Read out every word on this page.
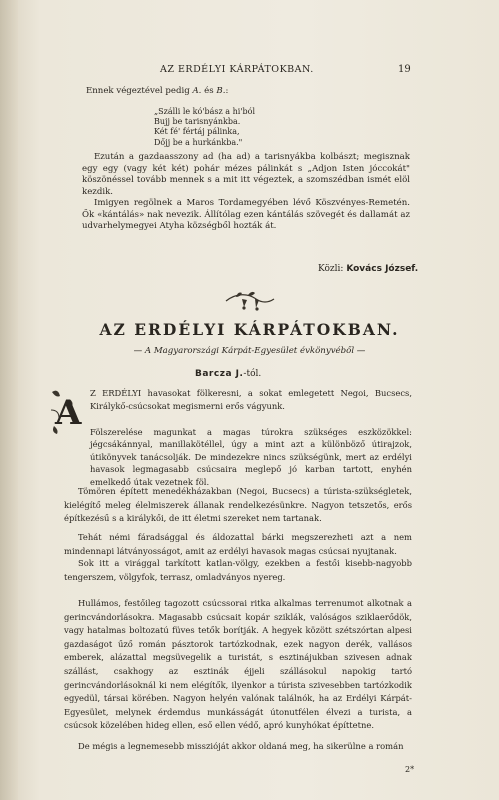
AZ ERDÉLYI KÁRPÁTOKBAN.	19

Ennek végeztével pedig A. és B.:

„Szálli le kó'bász a hi'ból
Bujj be tarisnyánkba.
Két fé' fértáj pálinka,
Dőjj be a hurkánkba."

Ezután a gazdaasszony ad (ha ad) a tarisnyákba kolbászt; megisznak egy egy (vagy két két) pohár mézes pálinkát s „Adjon Isten jóccokát" köszönéssel tovább mennek s a mit itt végeztek, a szomszédban ismét elöl kezdik.

Imigyen regölnek a Maros Tordamegyében lévő Köszvényes-Remetén. Ők «kántálás» nak nevezik. Állítólag ezen kántálás szövegét és dallamát az udvarhelymegyei Atyha községből hozták át.

Közli: Kovács József.
AZ ERDÉLYI KÁRPÁTOKBAN.
— A Magyarországi Kárpát-Egyesület évkönyvéből —
Barcza J.-tól.
A Z ERDÉLYI havasokat fölkeresni, a sokat emlegetett Negoi, Bucsecs, Királykő-csúcsokat megismerni erős vágyunk.

Fölszerelése magunkat a magas túrokra szükséges eszközökkel: jégcsákánnyal, manillakötéllel, úgy a mint azt a különböző útirajzok, útikönyvek tanácsolják. De mindezekre nincs szükségünk, mert az erdélyi havasok legmagasabb csúcsaira meglepő jó karban tartott, enyhén emelkedő útak vezetnek föl.

Tömören épített menedékházakban (Negoi, Bucsecs) a túrista-szükségletek, kielégítő meleg élelmiszerek állanak rendelkezésünkre. Nagyon tetszetős, erős építkezésű s a királykői, de itt életmi szereket nem tartanak.

Tehát némi fáradsággal és áldozattal bárki megszerezheti azt a nem mindennapi látványosságot, amit az erdélyi havasok magas csúcsai nyujtanak.

Sok itt a virággal tarkított katlan-völgy, ezekben a festői kisebb-nagyobb tengerszem, völgyfok, terrasz, omladványos nyereg.

Hullámos, festőileg tagozott csúcssorai ritka alkalmas terrenumot alkotnak a gerincvándorlásokra. Magasabb csúcsait kopár sziklák, valóságos sziklaerődök, vagy hatalmas boltozatú füves tetők borítják. A hegyek között szétszórtan alpesi gazdaságot űző román pásztorok tartózkodnak, ezek nagyon derék, vallásos emberek, alázattal megsüvegelik a turistát, s esztinájukban szivesen adnak szállást, csakhogy az esztinák éjjeli szállásokul napokig tartó gerincvándorlásoknál ki nem elégítők, ilyenkor a túrista szivesebben tartózkodik egyedül, társai körében. Nagyon helyén valónak találnók, ha az Erdélyi Kárpát-Egyesület, melynek érdemdus munkásságát útonutfélen élvezi a turista, a csúcsok közelében hideg ellen, eső ellen védő, apró kunyhókat építtetne.

De mégis a legnemesebb misszióját akkor oldaná meg, ha sikerülne a román

2*
